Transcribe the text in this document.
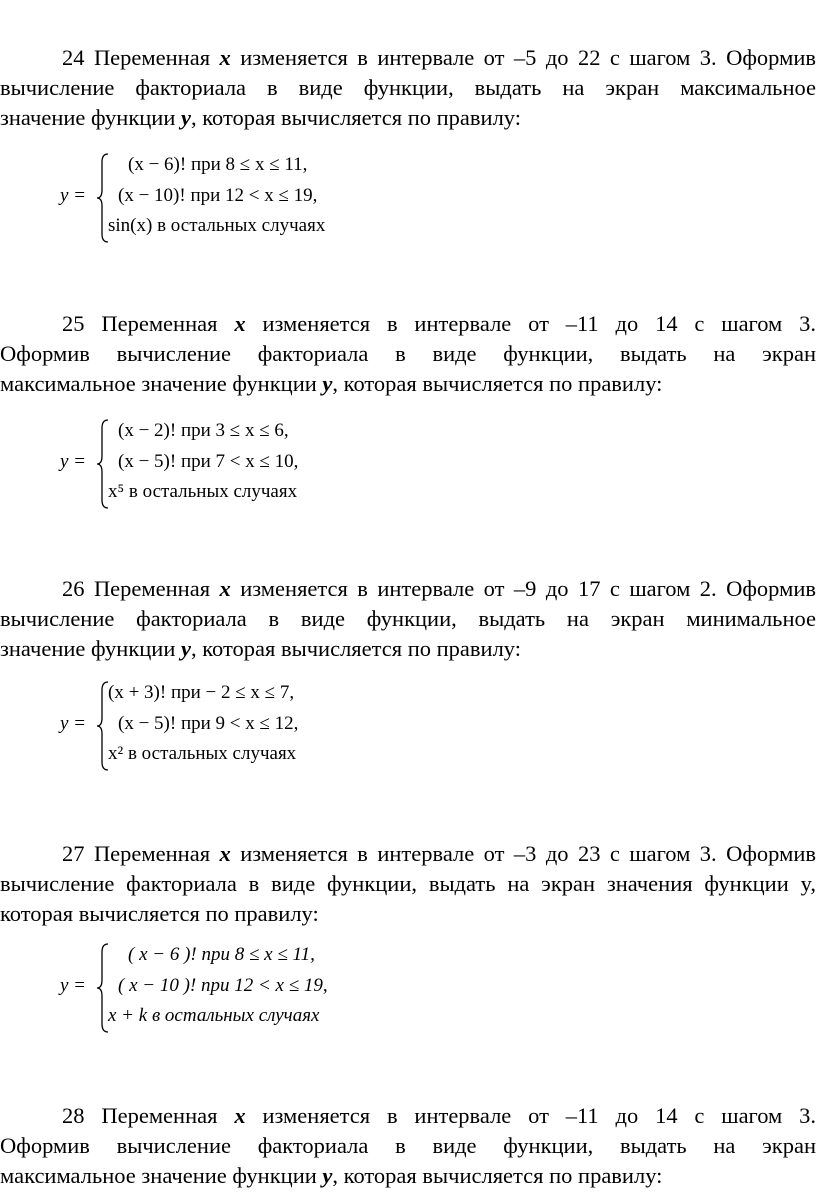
24 Переменная x изменяется в интервале от –5 до 22 с шагом 3. Оформив
вычисление факториала в виде функции, выдать на экран максимальное
значение функции y, которая вычисляется по правилу:
y =
(x − 6)! при 8 ≤ x ≤ 11,
(x − 10)! при 12 < x ≤ 19,
sin(x) в остальных случаях
25 Переменная x изменяется в интервале от –11 до 14 с шагом 3.
Оформив вычисление факториала в виде функции, выдать на экран
максимальное значение функции y, которая вычисляется по правилу:
y =
(x − 2)! при 3 ≤ x ≤ 6,
(x − 5)! при 7 < x ≤ 10,
x⁵ в остальных случаях
26 Переменная x изменяется в интервале от –9 до 17 с шагом 2. Оформив
вычисление факториала в виде функции, выдать на экран минимальное
значение функции y, которая вычисляется по правилу:
y =
(x + 3)! при − 2 ≤ x ≤ 7,
(x − 5)! при 9 < x ≤ 12,
x² в остальных случаях
27 Переменная x изменяется в интервале от –3 до 23 с шагом 3. Оформив
вычисление факториала в виде функции, выдать на экран значения функции y,
которая вычисляется по правилу:
y =
( x − 6 )! при 8 ≤ x ≤ 11,
( x − 10 )! при 12 < x ≤ 19,
x + k в остальных случаях
28 Переменная x изменяется в интервале от –11 до 14 с шагом 3.
Оформив вычисление факториала в виде функции, выдать на экран
максимальное значение функции y, которая вычисляется по правилу:
